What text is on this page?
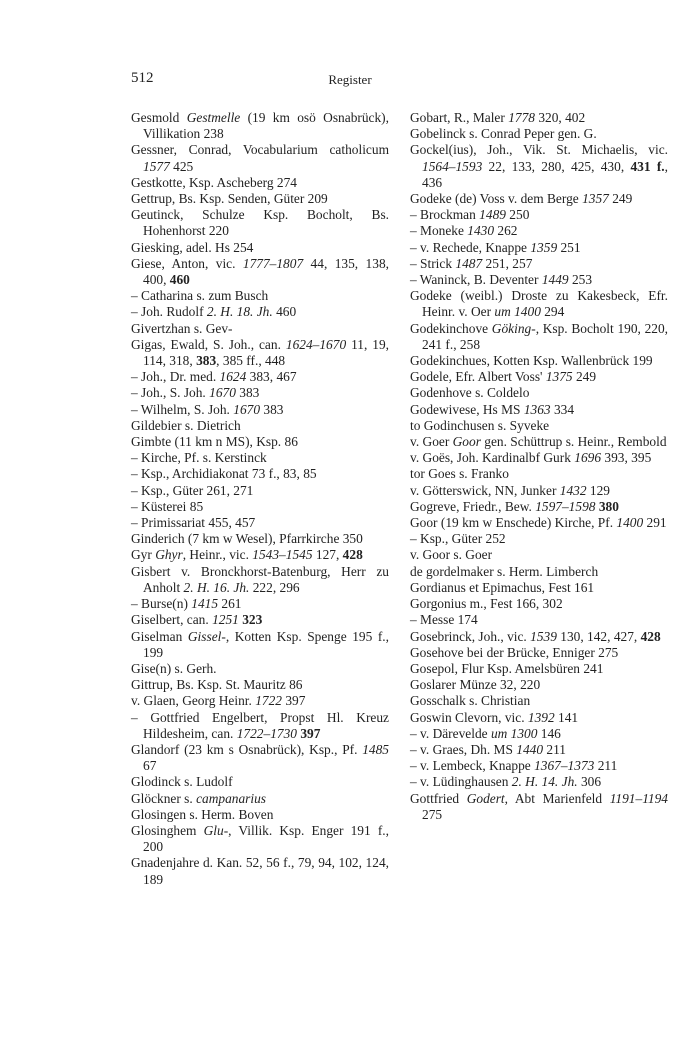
512	Register
Gesmold Gestmelle (19 km osö Osnabrück), Villikation 238
Gessner, Conrad, Vocabularium catholicum 1577 425
Gestkotte, Ksp. Ascheberg 274
Gettrup, Bs. Ksp. Senden, Güter 209
Geutinck, Schulze Ksp. Bocholt, Bs. Hohenhorst 220
Giesking, adel. Hs 254
Giese, Anton, vic. 1777–1807 44, 135, 138, 400, 460
– Catharina s. zum Busch
– Joh. Rudolf 2. H. 18. Jh. 460
Givertzhan s. Gev-
Gigas, Ewald, S. Joh., can. 1624–1670 11, 19, 114, 318, 383, 385 ff., 448
– Joh., Dr. med. 1624 383, 467
– Joh., S. Joh. 1670 383
– Wilhelm, S. Joh. 1670 383
Gildebier s. Dietrich
Gimbte (11 km n MS), Ksp. 86
– Kirche, Pf. s. Kerstinck
– Ksp., Archidiakonat 73 f., 83, 85
– Ksp., Güter 261, 271
– Küsterei 85
– Primissariat 455, 457
Ginderich (7 km w Wesel), Pfarrkirche 350
Gyr Ghyr, Heinr., vic. 1543–1545 127, 428
Gisbert v. Bronckhorst-Batenburg, Herr zu Anholt 2. H. 16. Jh. 222, 296
– Burse(n) 1415 261
Giselbert, can. 1251 323
Giselman Gissel-, Kotten Ksp. Spenge 195 f., 199
Gise(n) s. Gerh.
Gittrup, Bs. Ksp. St. Mauritz 86
v. Glaen, Georg Heinr. 1722 397
– Gottfried Engelbert, Propst Hl. Kreuz Hildesheim, can. 1722–1730 397
Glandorf (23 km s Osnabrück), Ksp., Pf. 1485 67
Glodinck s. Ludolf
Glöckner s. campanarius
Glosingen s. Herm. Boven
Glosinghem Glu-, Villik. Ksp. Enger 191 f., 200
Gnadenjahre d. Kan. 52, 56 f., 79, 94, 102, 124, 189
Gobart, R., Maler 1778 320, 402
Gobelinck s. Conrad Peper gen. G.
Gockel(ius), Joh., Vik. St. Michaelis, vic. 1564–1593 22, 133, 280, 425, 430, 431 f., 436
Godeke (de) Voss v. dem Berge 1357 249
– Brockman 1489 250
– Moneke 1430 262
– v. Rechede, Knappe 1359 251
– Strick 1487 251, 257
– Waninck, B. Deventer 1449 253
Godeke (weibl.) Droste zu Kakesbeck, Efr. Heinr. v. Oer um 1400 294
Godekinchove Göking-, Ksp. Bocholt 190, 220, 241 f., 258
Godekinchues, Kotten Ksp. Wallenbrück 199
Godele, Efr. Albert Voss' 1375 249
Godenhove s. Coldelo
Godewivese, Hs MS 1363 334
to Godinchusen s. Syveke
v. Goer Goor gen. Schüttrup s. Heinr., Rembold
v. Goës, Joh. Kardinalbf Gurk 1696 393, 395
tor Goes s. Franko
v. Götterswick, NN, Junker 1432 129
Gogreve, Friedr., Bew. 1597–1598 380
Goor (19 km w Enschede) Kirche, Pf. 1400 291
– Ksp., Güter 252
v. Goor s. Goer
de gordelmaker s. Herm. Limberch
Gordianus et Epimachus, Fest 161
Gorgonius m., Fest 166, 302
– Messe 174
Gosebrinck, Joh., vic. 1539 130, 142, 427, 428
Gosehove bei der Brücke, Enniger 275
Gosepol, Flur Ksp. Amelsbüren 241
Goslarer Münze 32, 220
Gosschalk s. Christian
Goswin Clevorn, vic. 1392 141
– v. Därevelde um 1300 146
– v. Graes, Dh. MS 1440 211
– v. Lembeck, Knappe 1367–1373 211
– v. Lüdinghausen 2. H. 14. Jh. 306
Gottfried Godert, Abt Marienfeld 1191–1194 275
